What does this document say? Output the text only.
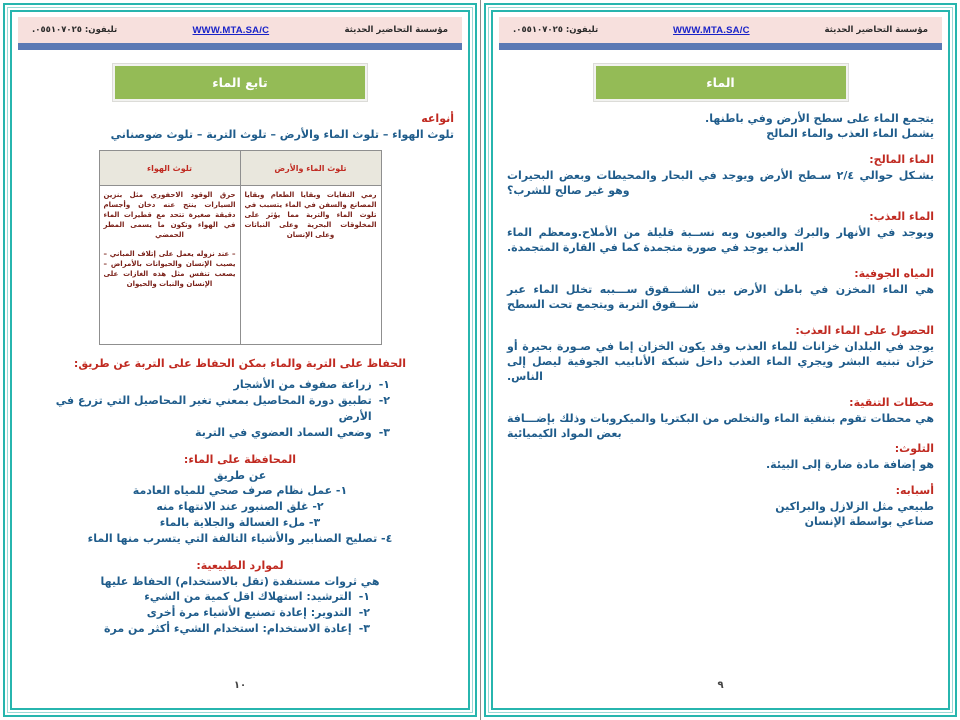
مؤسسة التحاضير الحديثة
WWW.MTA.SA/C
تليفون: ٠٥٥١٠٧٠٢٥.
تابع الماء
أنواعه
تلوث الهواء – تلوث الماء والأرض – تلوث التربة – تلوث ضوصناني
تلوث الماء والأرض	تلوث الهواء

رمي النفايات وبقايا الطعام وبقايا المصانع والسفن في الماء يتسبب في تلوث الماء والتربة مما يؤثر على المخلوقات البحرية وعلى النباتات وعلى الإنسان	حرق الوقود الاحفوري مثل بنزين السيارات ينتج عنه دخان وأجسام دقيقة صغيرة تتحد مع قطيرات الماء في الهواء وتكون ما يسمى المطر الحمضي

– عند نزوله يعمل على إتلاف المباني – يصيب الإنسان والحيوانات بالأمراض – يصعب تنفس مثل هذه الغازات على الإنسان والنبات والحيوان

الحفاظ على التربة والماء بمكن الحفاظ على التربة عن طريق:
١-
زراعة صفوف من الأشجار
٢-
تطبيق دورة المحاصيل بمعني تغير المحاصيل التي تزرع في الأرض
٣-
وضعي السماد العضوي في التربة
المحافظة على الماء:
عن طريق
١- عمل نظام صرف صحي للمياه العادمة
٢- غلق الصنبور عند الانتهاء منه
٣- ملء الغسالة والجلاية بالماء
٤- تصليح الصنابير والأشياء التالفة التي يتسرب منها الماء
لموارد الطبيعية:
هي ثروات مستنفدة (تقل بالاستخدام) الحفاظ عليها
١-
الترشيد: استهلاك اقل كمية من الشيء
٢-
التدوير: إعادة تصنيع الأشياء مرة أخرى
٣-
إعادة الاستخدام: استخدام الشيء أكثر من مرة
١٠
مؤسسة التحاضير الحديثة
WWW.MTA.SA/C
تليفون: ٠٥٥١٠٧٠٢٥.
الماء
يتجمع الماء على سطح الأرض وفي باطنها.
يشمل الماء العذب والماء المالح
الماء المالح:
بشـكل حوالي ٢/٤ سـطح الأرض ويوجد في البحار والمحيطات وبعض البحيرات وهو غير صالح للشرب؟
الماء العذب:
ويوجد في الأنهار والبرك والعيون وبه نســبة قليلة من الأملاح.ومعظم الماء العذب يوجد في صورة متجمدة كما في القارة المتجمدة.
المياه الجوفية:
هي الماء المخزن في باطن الأرض بين الشـــقوق ســـببه تخلل الماء عبر شـــقوق التربة ويتجمع تحت السطح
الحصول على الماء العذب:
يوجد في البلدان خزانات للماء العذب وقد يكون الخزان إما في صـورة بحيرة أو خزان تبنيه البشر ويجري الماء العذب داخل شبكة الأنابيب الجوفية ليصل إلى الناس.
محطات التنقية:
هي محطات تقوم بتنقية الماء والتخلص من البكتريا والميكروبات وذلك بإضـــافة بعض المواد الكيميائية
التلوث:
هو إضافة مادة ضارة إلى البيئة.
أسبابه:
طبيعي مثل الزلازل والبراكين
صناعي بواسطة الإنسان
٩
